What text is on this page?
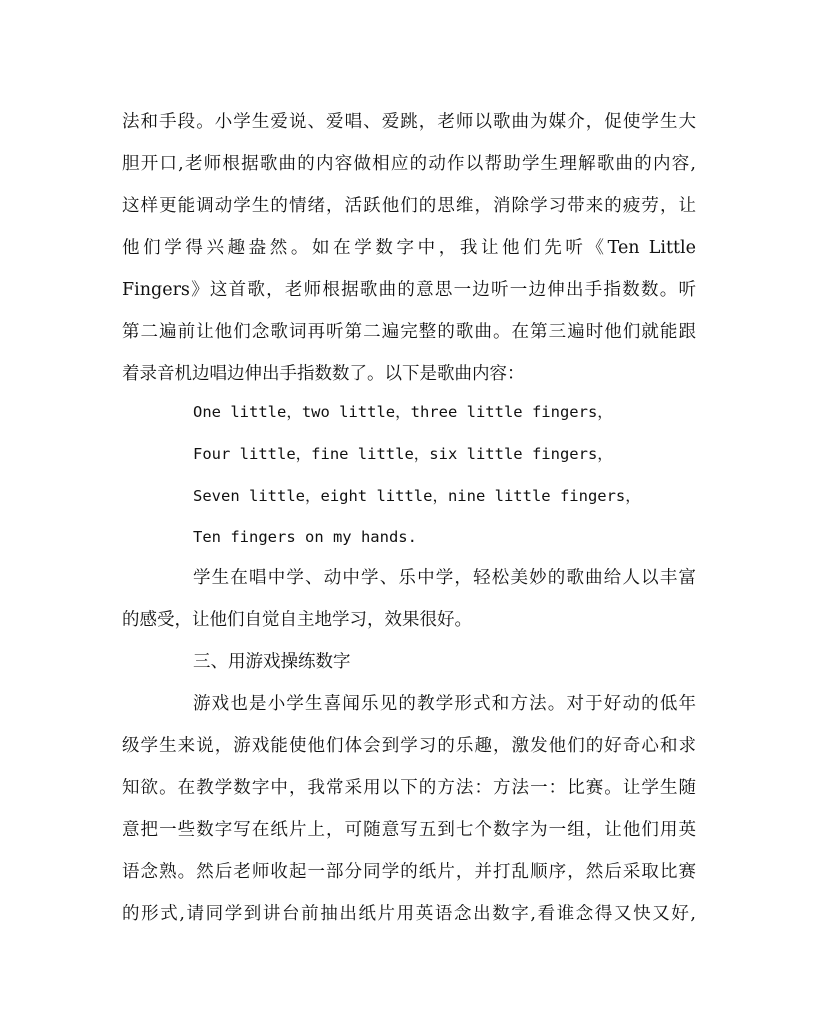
法和手段。小学生爱说、爱唱、爱跳，老师以歌曲为媒介，促使学生大
胆开口,老师根据歌曲的内容做相应的动作以帮助学生理解歌曲的内容,
这样更能调动学生的情绪，活跃他们的思维，消除学习带来的疲劳，让
他们学得兴趣盎然。如在学数字中，我让他们先听《Ten Little
Fingers》这首歌，老师根据歌曲的意思一边听一边伸出手指数数。听
第二遍前让他们念歌词再听第二遍完整的歌曲。在第三遍时他们就能跟
着录音机边唱边伸出手指数数了。以下是歌曲内容：
One little，two little，three little fingers，
Four little，fine little，six little fingers，
Seven little，eight little，nine little fingers，
Ten fingers on my hands.
学生在唱中学、动中学、乐中学，轻松美妙的歌曲给人以丰富
的感受，让他们自觉自主地学习，效果很好。
三、用游戏操练数字
游戏也是小学生喜闻乐见的教学形式和方法。对于好动的低年
级学生来说，游戏能使他们体会到学习的乐趣，激发他们的好奇心和求
知欲。在教学数字中，我常采用以下的方法：方法一：比赛。让学生随
意把一些数字写在纸片上，可随意写五到七个数字为一组，让他们用英
语念熟。然后老师收起一部分同学的纸片，并打乱顺序，然后采取比赛
的形式,请同学到讲台前抽出纸片用英语念出数字,看谁念得又快又好,
